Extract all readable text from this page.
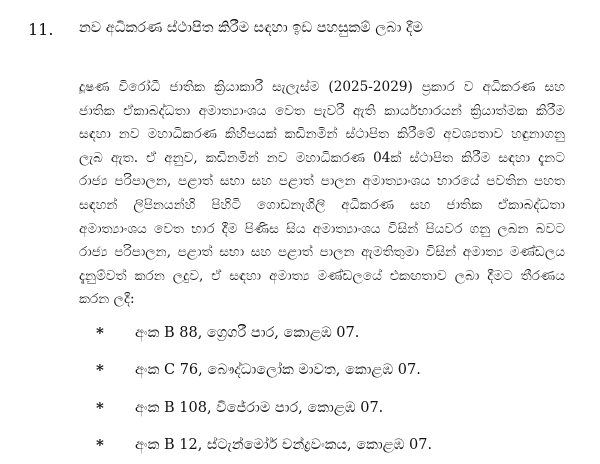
11. නව අධිකරණ ස්ථාපිත කිරීම සඳහා ඉඩ පහසුකම් ලබා දීම
දූෂණ විරෝධී ජාතික ක්‍රියාකාරී සැලැස්ම (2025-2029) ප්‍රකාර ව අධිකරණ සහ
ජාතික ඒකාබද්ධතා අමාත්‍යාංශය වෙත පැවරී ඇති කාර්යභාරයන් ක්‍රියාත්මක කිරීම
සඳහා නව මහාධිකරණ කිහිපයක් කඩිනමින් ස්ථාපිත කිරීමේ අවශ්‍යතාව හඳුනාගනු
ලැබ ඇත. ඒ අනුව, කඩිනමින් නව මහාධිකරණ 04ක් ස්ථාපිත කිරීම සඳහා දැනට
රාජ්‍ය පරිපාලන, පළාත් සභා සහ පළාත් පාලන අමාත්‍යාංශය භාරයේ පවතින පහත
සඳහන් ලිපිනයන්හි පිහිටි ගොඩනැගිලි අධිකරණ සහ ජාතික ඒකාබද්ධතා
අමාත්‍යාංශය වෙත භාර දීම පිණිස සිය අමාත්‍යාංශය විසින් පියවර ගනු ලබන බවට
රාජ්‍ය පරිපාලන, පළාත් සභා සහ පළාත් පාලන ඇමතිතුමා විසින් අමාත්‍ය මණ්ඩලය
දැනුම්වත් කරන ලදුව, ඒ සඳහා අමාත්‍ය මණ්ඩලයේ එකඟතාව ලබා දීමට තීරණය
කරන ලදී:
*	අංක B 88, ග්‍රෙගරී පාර, කොළඹ 07.
*	අංක C 76, බෞද්ධාලෝක මාවත, කොළඹ 07.
*	අංක B 108, විජේරාම පාර, කොළඹ 07.
*	අංක B 12, ස්ටැන්මෝර් චන්ද්‍රවංකය, කොළඹ 07.
